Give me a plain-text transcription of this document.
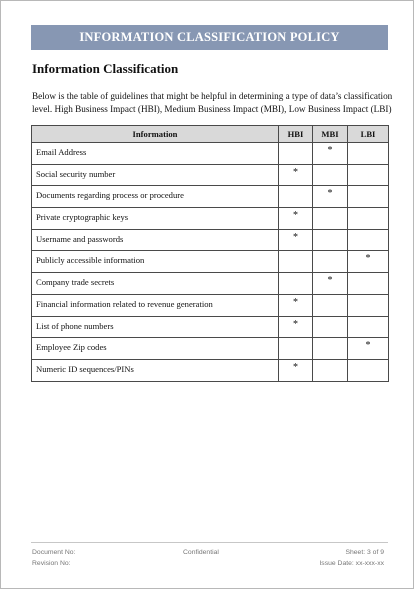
INFORMATION CLASSIFICATION POLICY
Information Classification
Below is the table of guidelines that might be helpful in determining a type of data’s classification level. High Business Impact (HBI), Medium Business Impact (MBI), Low Business Impact (LBI)
Information	HBI	MBI	LBI
Email Address		*	
Social security number	*		
Documents regarding process or procedure		*	
Private cryptographic keys	*		
Username and passwords	*		
Publicly accessible information			*
Company trade secrets		*	
Financial information related to revenue generation	*		
List of phone numbers	*		
Employee Zip codes			*
Numeric ID sequences/PINs	*		
Document No:
Revision No:
Confidential	Sheet: 3 of 9
Issue Date: xx-xxx-xx
